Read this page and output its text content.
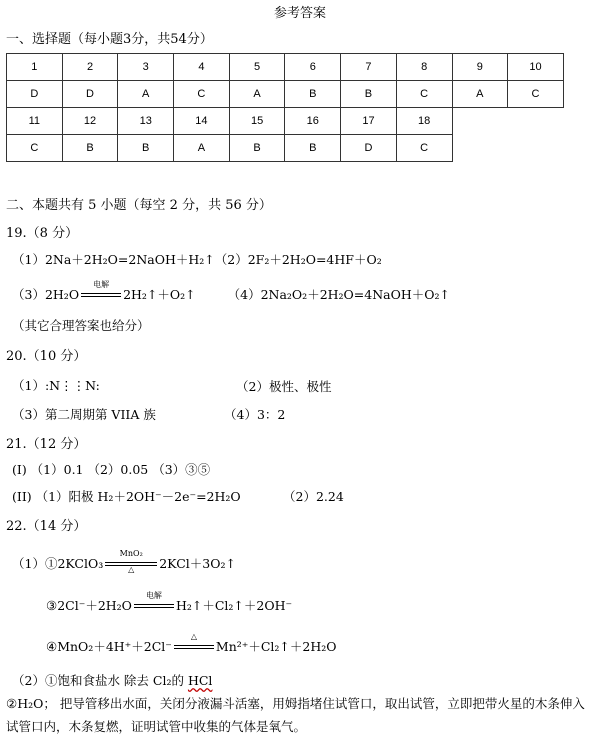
参考答案
一、选择题（每小题3分，共54分）
1	2	3	4	5	6	7	8	9	10
D	D	A	C	A	B	B	C	A	C
11	12	13	14	15	16	17	18		
C	B	B	A	B	B	D	C		
二、本题共有 5 小题（每空 2 分，共 56 分）
19.（8 分）
（1）2Na＋2H₂O=2NaOH＋H₂↑（2）2F₂＋2H₂O=4HF＋O₂
（3）2H₂O
电解
2H₂↑＋O₂↑	（4）2Na₂O₂＋2H₂O=4NaOH＋O₂↑
（其它合理答案也给分）
20.（10 分）
（1）:N⋮⋮N:	（2）极性、极性
（3）第二周期第 VIIA 族	（4）3：2
21.（12 分）
(I) （1）0.1 （2）0.05 （3）③⑤
(II) （1）阳极 H₂＋2OH⁻－2e⁻=2H₂O	（2）2.24
22.（14 分）
（1）①2KClO₃
MnO₂
△	2KCl＋3O₂↑
③2Cl⁻＋2H₂O
电解
H₂↑＋Cl₂↑＋2OH⁻
④MnO₂＋4H⁺＋2Cl⁻
△
Mn²⁺＋Cl₂↑＋2H₂O
（2）①饱和食盐水 除去 Cl₂的 HCl
②H₂O； 把导管移出水面，关闭分液漏斗活塞，用姆指堵住试管口，取出试管，立即把带火星的木条伸入试管口内，木条复燃，证明试管中收集的气体是氧气。
